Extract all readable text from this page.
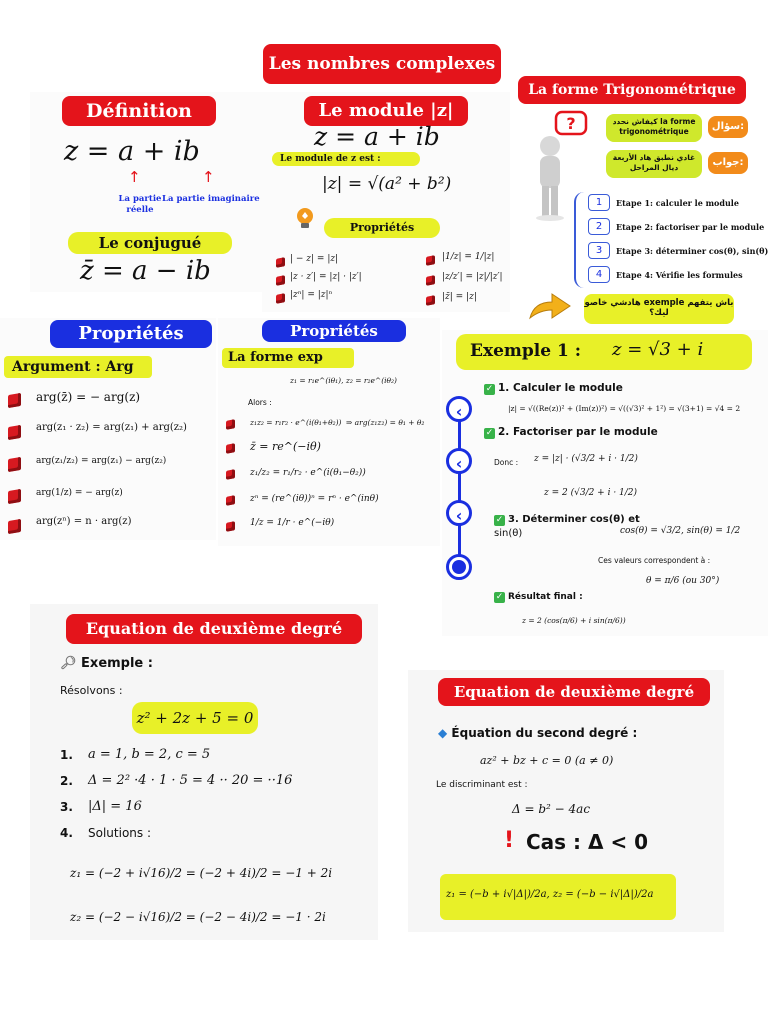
Les nombres complexes
Définition
z = a + ib
↑	↑
La partie réelle
La partie imaginaire
Le conjugué
z̄ = a − ib
Le module |z|
z = a + ib
Le module de z est :
|z| = √(a² + b²)
Propriétés
| − z| = |z|
|z · z′| = |z| · |z′|
|zⁿ| = |z|ⁿ
|1/z| = 1/|z|
|z/z′| = |z|/|z′|
|z̄| = |z|
La forme Trigonométrique
?	كيفاش نحدد la forme trigonométrique	سؤال:
غادي نطبق هاد الأربعة ديال المراحل	جواب:
1	Etape 1: calculer le module
2	Etape 2: factoriser par le module
3	Etape 3: déterminer cos(θ), sin(θ)
4	Etape 4: Vérifie les formules
هادشي خاصو exemple باش يتفهم ليك؟
Propriétés
Argument : Arg
arg(z̄) = − arg(z)
arg(z₁ · z₂) = arg(z₁) + arg(z₂)
arg(z₁/z₂) = arg(z₁) − arg(z₂)
arg(1/z) = − arg(z)
arg(zⁿ) = n · arg(z)
Propriétés
La forme exp
z₁ = r₁e^(iθ₁), z₂ = r₂e^(iθ₂)
Alors :
z₁z₂ = r₁r₂ · e^(i(θ₁+θ₂)) ⇒ arg(z₁z₂) = θ₁ + θ₂
z̄ = re^(−iθ)
z₁/z₂ = r₁/r₂ · e^(i(θ₁−θ₂))
zⁿ = (re^(iθ))ⁿ = rⁿ · e^(inθ)
1/z = 1/r · e^(−iθ)
Exemple 1 : z = √3 + i
✓ 1. Calculer le module
|z| = √((Re(z))² + (Im(z))²) = √((√3)² + 1²) = √(3+1) = √4 = 2
✓ 2. Factoriser par le module
Donc : z = |z| · (√3/2 + i · 1/2)
z = 2 (√3/2 + i · 1/2)
✓ 3. Déterminer cos(θ) et
sin(θ)	cos(θ) = √3/2, sin(θ) = 1/2
Ces valeurs correspondent à :
θ = π/6 (ou 30°)
✓ Résultat final :
z = 2 (cos(π/6) + i sin(π/6))
‹
‹
‹
Equation de deuxième degré
🔎︎ Exemple :
Résolvons :
z² + 2z + 5 = 0
1. a = 1, b = 2, c = 5
2. Δ = 2² ·4 · 1 · 5 = 4 ·· 20 = ··16
3. |Δ| = 16
4. Solutions :
z₁ = (−2 + i√16)/2 = (−2 + 4i)/2 = −1 + 2i
z₂ = (−2 − i√16)/2 = (−2 − 4i)/2 = −1 · 2i
Equation de deuxième degré
◆ Équation du second degré :
az² + bz + c = 0 (a ≠ 0)
Le discriminant est :
Δ = b² − 4ac
! Cas : Δ < 0
z₁ = (−b + i√|Δ|)/2a, z₂ = (−b − i√|Δ|)/2a
